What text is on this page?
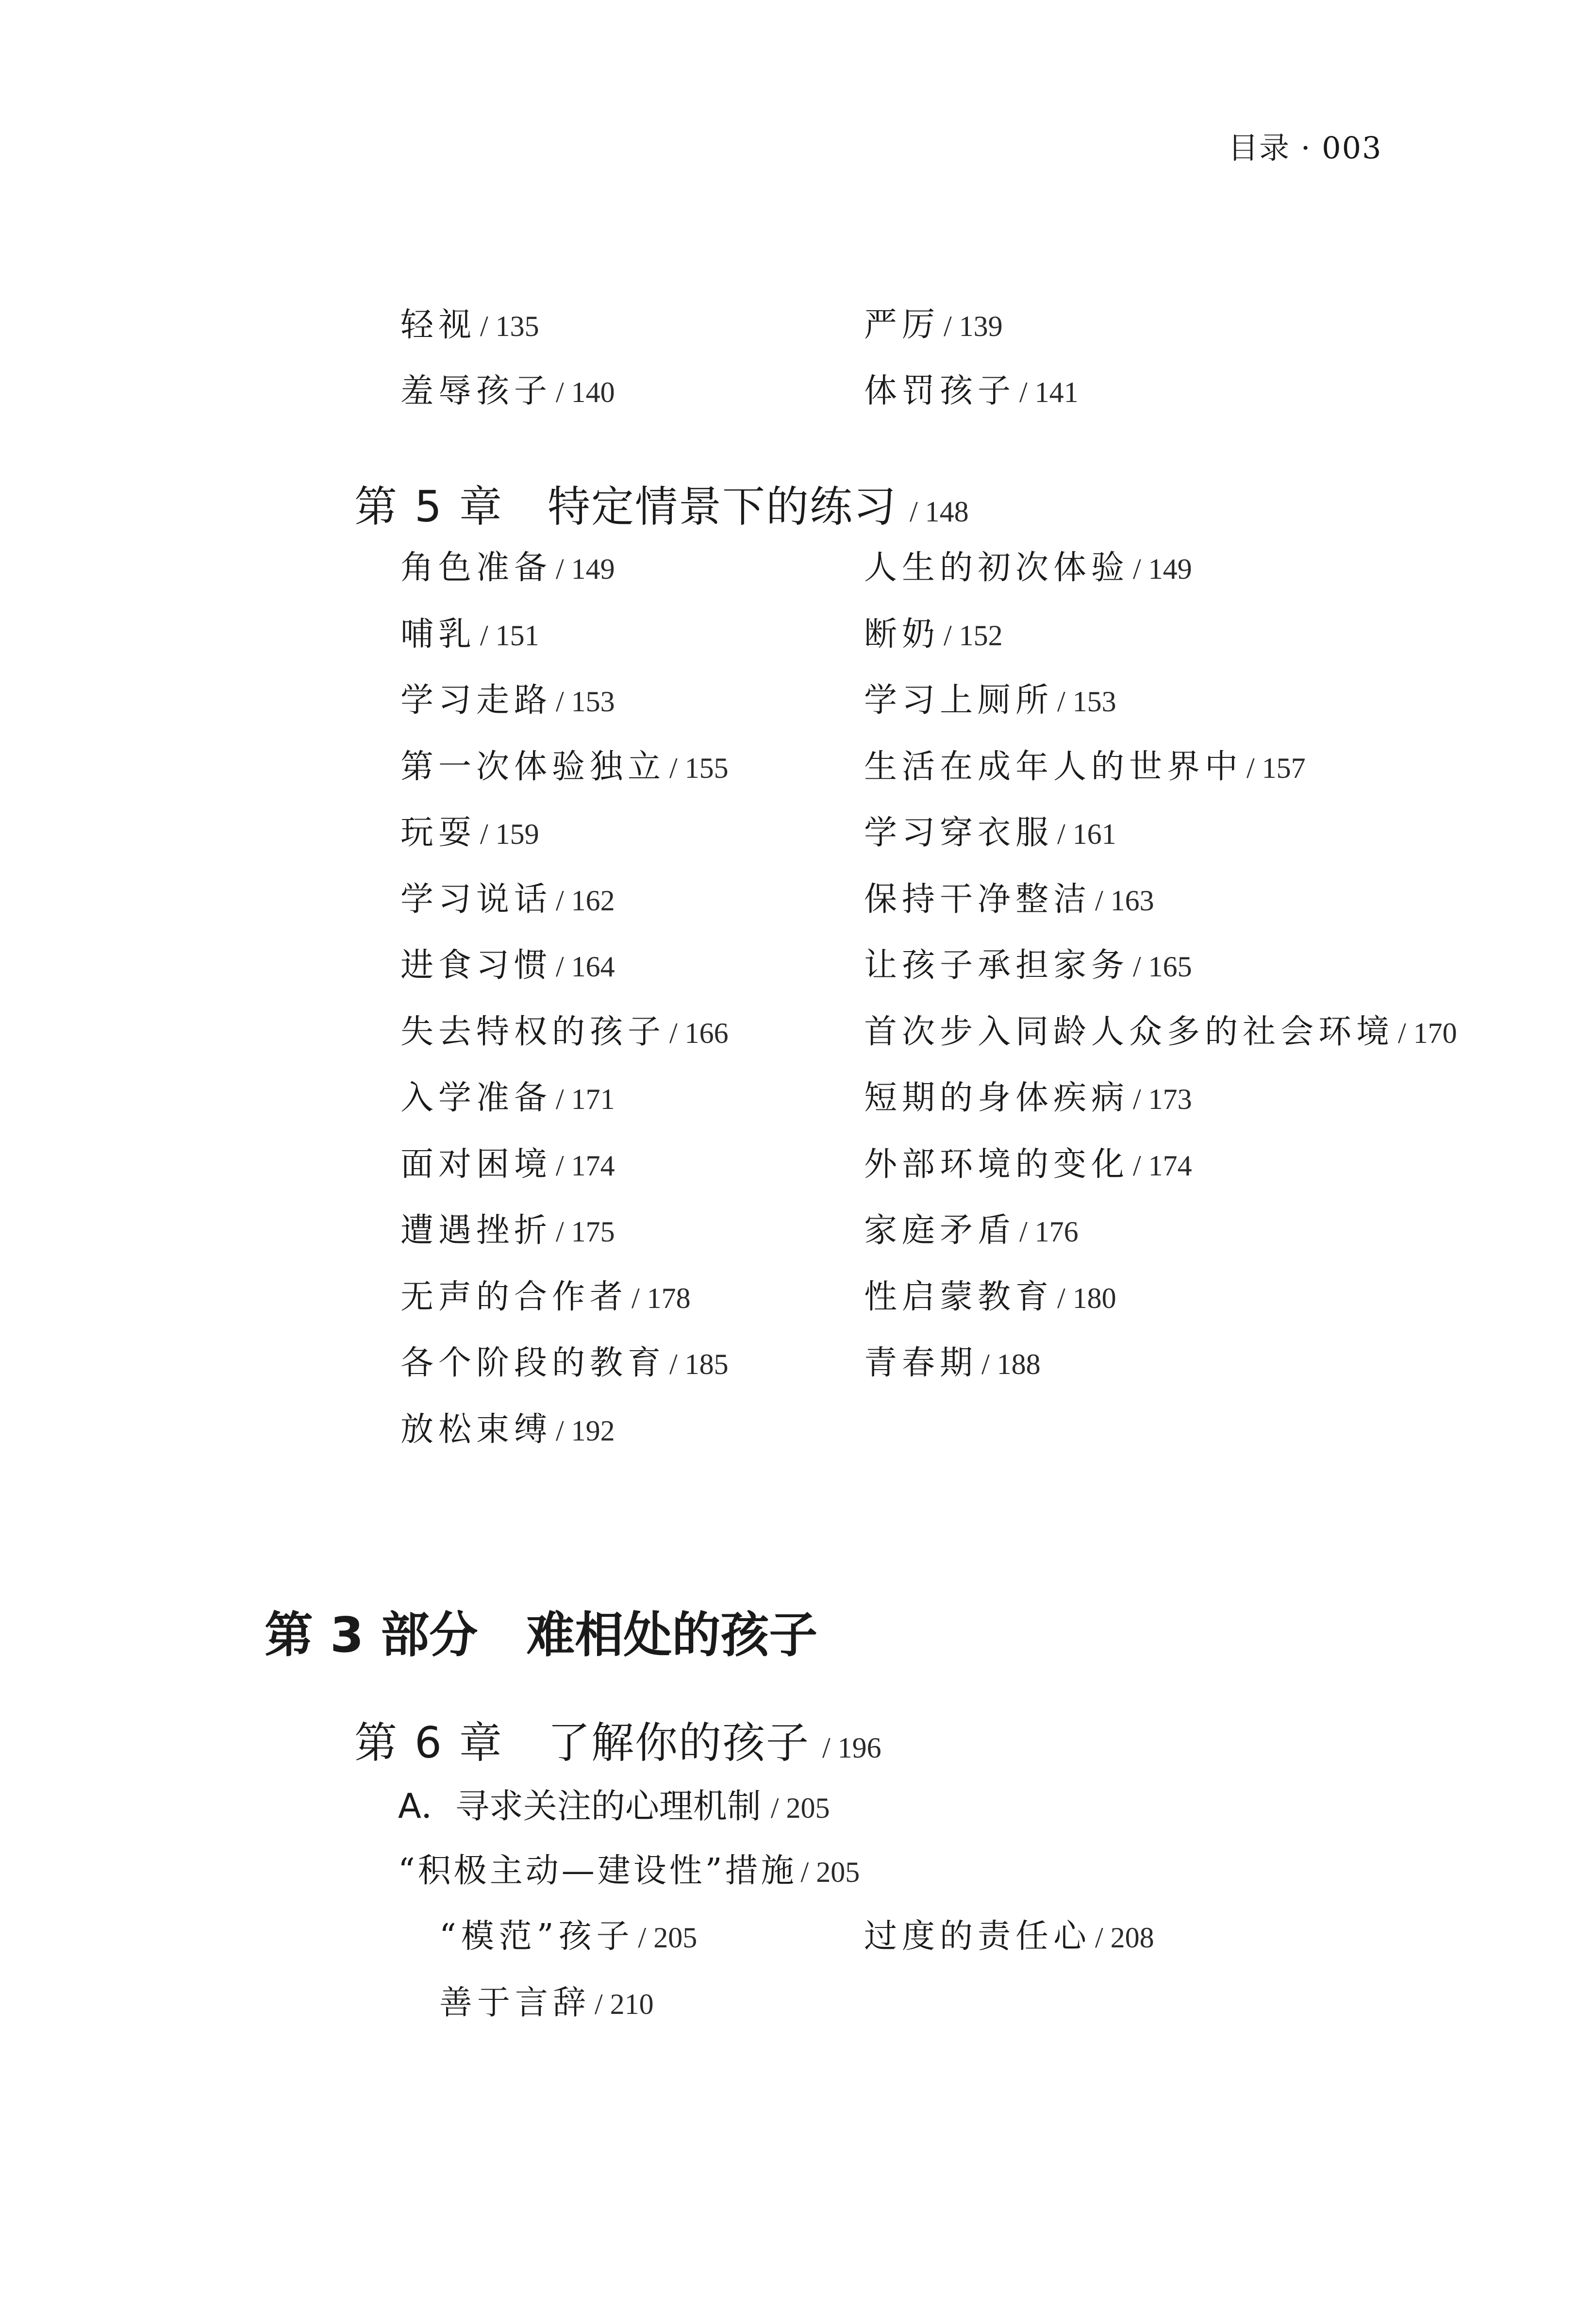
目录 · 003
轻视 / 135	严厉 / 139
羞辱孩子 / 140	体罚孩子 / 141
第 5 章 特定情景下的练习 / 148
角色准备 / 149	人生的初次体验 / 149
哺乳 / 151	断奶 / 152
学习走路 / 153	学习上厕所 / 153
第一次体验独立 / 155	生活在成年人的世界中 / 157
玩耍 / 159	学习穿衣服 / 161
学习说话 / 162	保持干净整洁 / 163
进食习惯 / 164	让孩子承担家务 / 165
失去特权的孩子 / 166	首次步入同龄人众多的社会环境 / 170
入学准备 / 171	短期的身体疾病 / 173
面对困境 / 174	外部环境的变化 / 174
遭遇挫折 / 175	家庭矛盾 / 176
无声的合作者 / 178	性启蒙教育 / 180
各个阶段的教育 / 185	青春期 / 188
放松束缚 / 192
第 3 部分 难相处的孩子
第 6 章 了解你的孩子 / 196
A．寻求关注的心理机制 / 205
“积极主动—建设性”措施 / 205
“模范”孩子 / 205	过度的责任心 / 208
善于言辞 / 210
